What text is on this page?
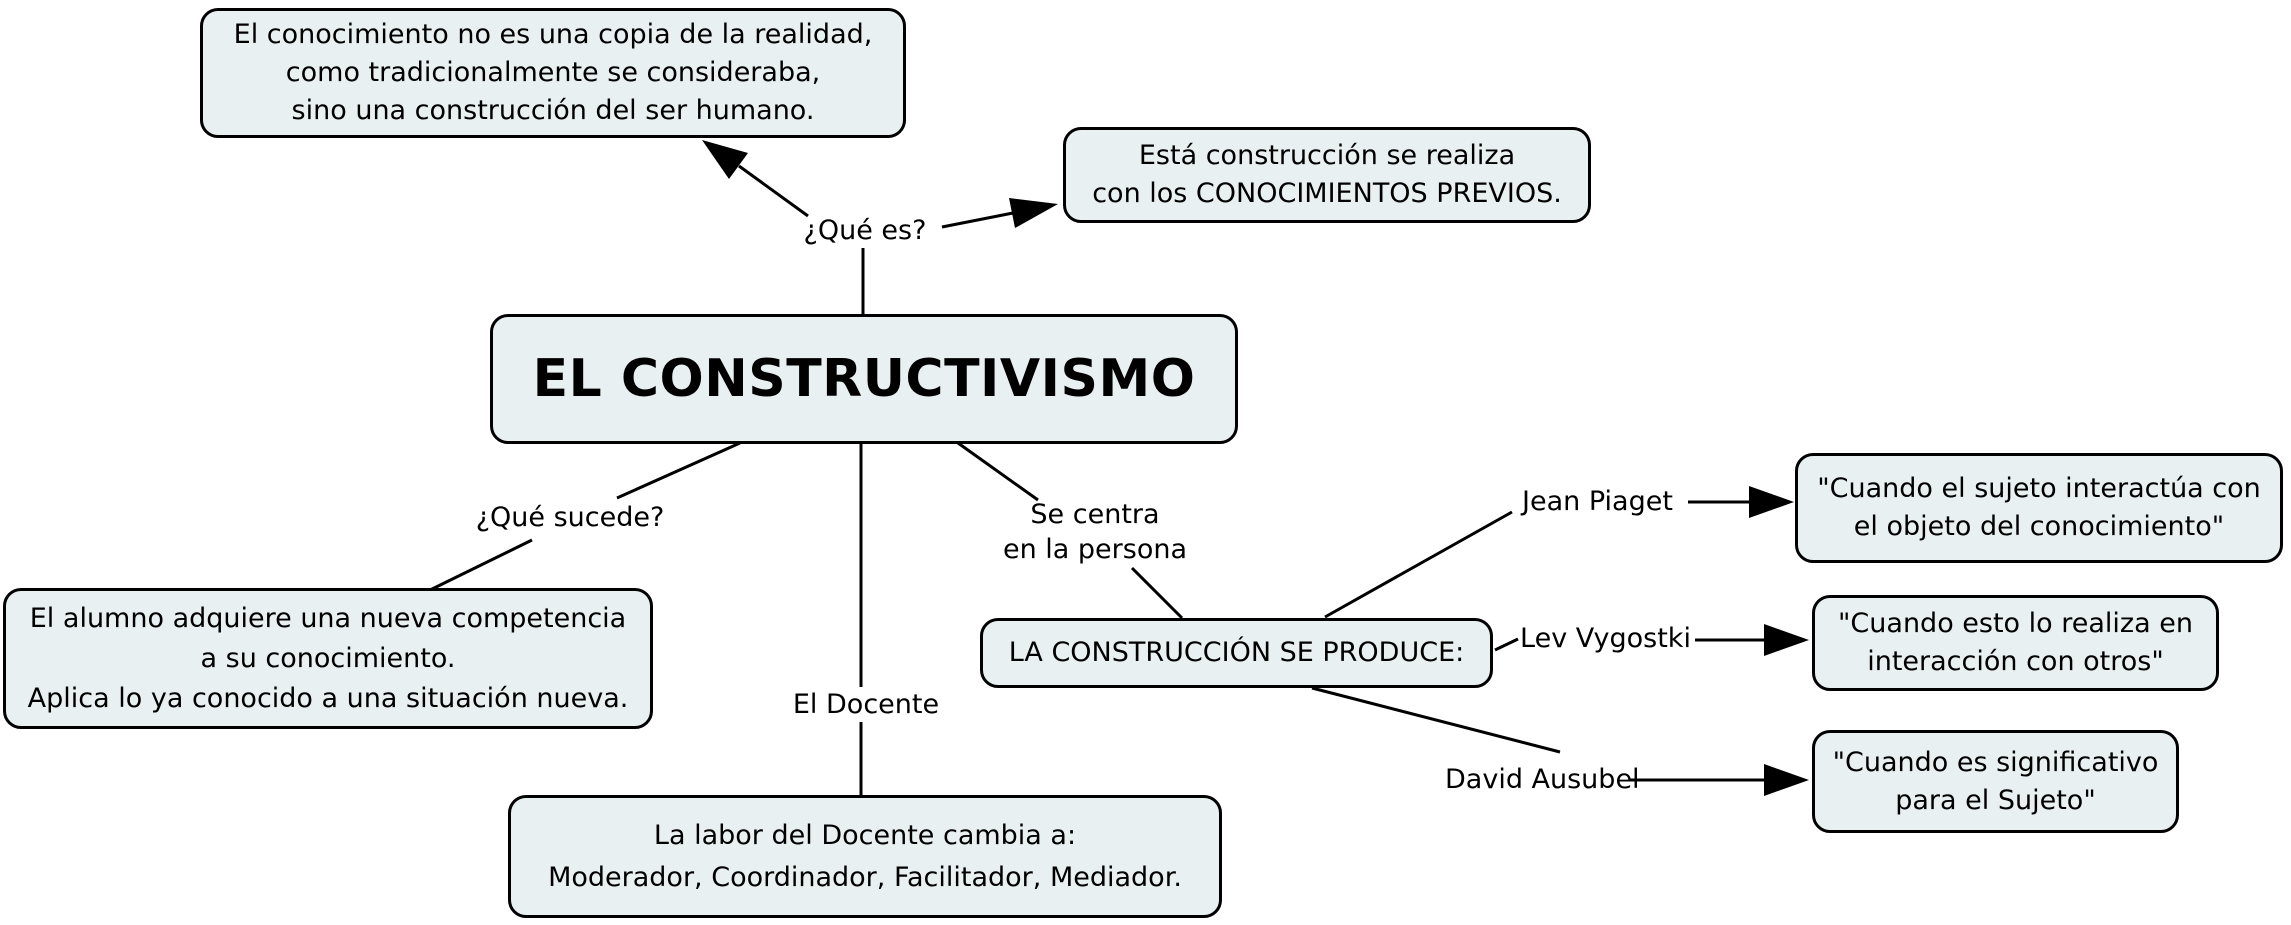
¿Qué es?
¿Qué sucede?	Se centra
en la persona
El Docente
Jean Piaget
Lev Vygostki
David Ausubel
El conocimiento no es una copia de la realidad,
como tradicionalmente se consideraba,
sino una construcción del ser humano.
Está construcción se realiza
con los CONOCIMIENTOS PREVIOS.
EL CONSTRUCTIVISMO
El alumno adquiere una nueva competencia
a su conocimiento.
Aplica lo ya conocido a una situación nueva.
LA CONSTRUCCIÓN SE PRODUCE:
"Cuando el sujeto interactúa con
el objeto del conocimiento"
"Cuando esto lo realiza en
interacción con otros"
"Cuando es significativo
para el Sujeto"
La labor del Docente cambia a:
Moderador, Coordinador, Facilitador, Mediador.
